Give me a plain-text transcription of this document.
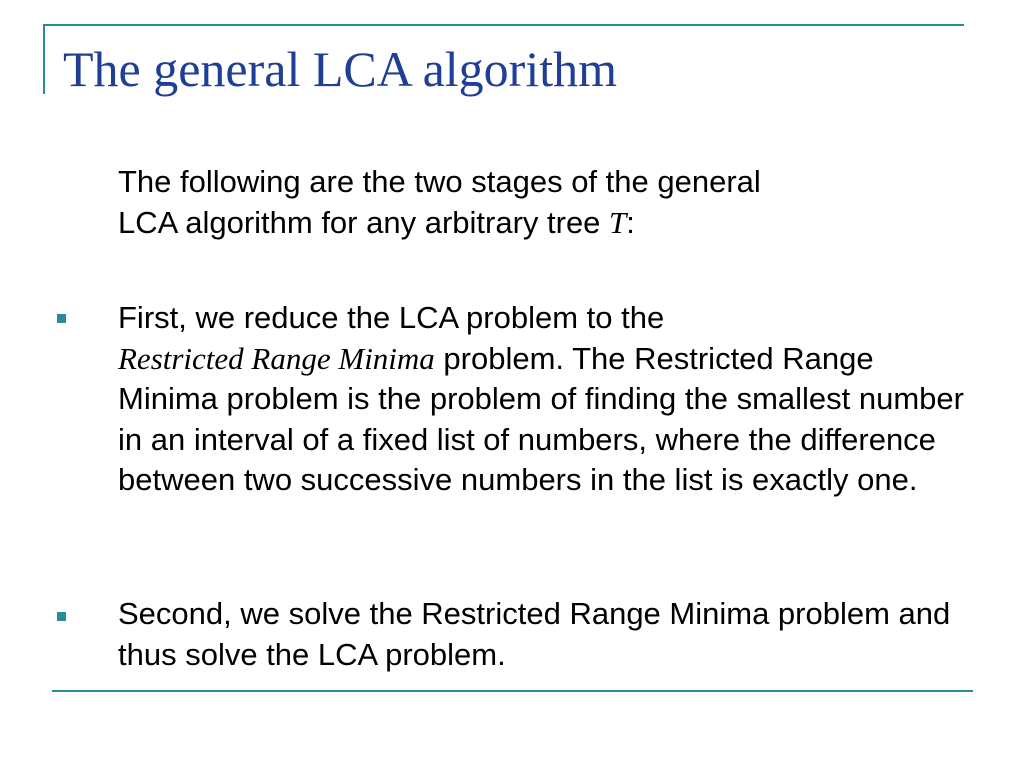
The general LCA algorithm

The following are the two stages of the general
LCA algorithm for any arbitrary tree T:

First, we reduce the LCA problem to the
Restricted Range Minima problem. The Restricted Range Minima problem is the problem of finding the smallest number in an interval of a fixed list of numbers, where the difference between two successive numbers in the list is exactly one.

Second, we solve the Restricted Range Minima problem and thus solve the LCA problem.
